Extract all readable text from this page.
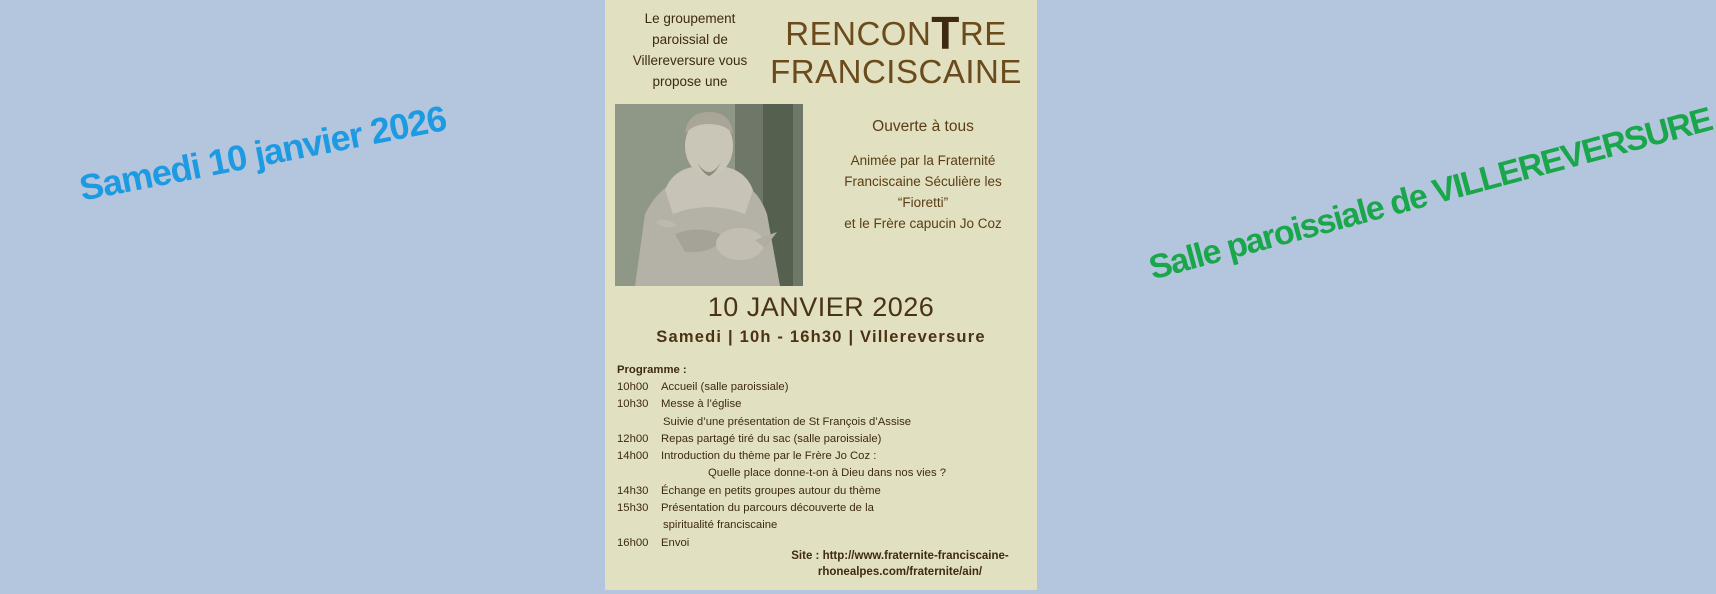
Samedi 10 janvier 2026	Salle paroissiale de VILLEREVERSURE
Le groupement
paroissial de
Villereversure vous
propose une
RENCONTRE
FRANCISCAINE
Ouverte à tous
Animée par la Fraternité
Franciscaine Séculière les
“Fioretti”
et le Frère capucin Jo Coz
10 JANVIER 2026
Samedi | 10h - 16h30 | Villereversure
Programme :
10h00	Accueil (salle paroissiale)
10h30	Messe à l’église
Suivie d’une présentation de St François d’Assise
12h00	Repas partagé tiré du sac (salle paroissiale)
14h00	Introduction du thème par le Frère Jo Coz :
Quelle place donne-t-on à Dieu dans nos vies ?
14h30	Échange en petits groupes autour du thème
15h30	Présentation du parcours découverte de la
spiritualité franciscaine
16h00	Envoi
Site : http://www.fraternite-franciscaine-
rhonealpes.com/fraternite/ain/
